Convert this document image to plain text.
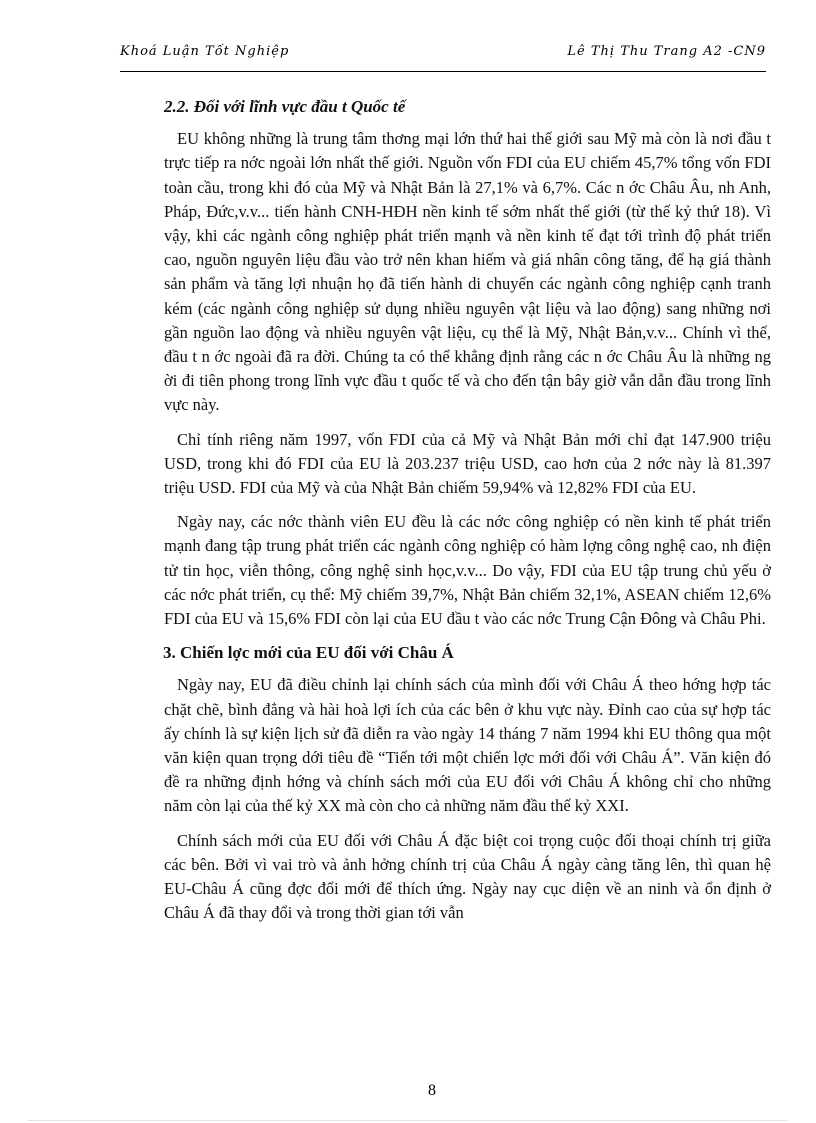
Khoá Luận Tốt Nghiệp	Lê Thị Thu Trang A2 -CN9

2.2. Đối với lĩnh vực đầu t Quốc tế

EU không những là trung tâm thơng mại lớn thứ hai thế giới sau Mỹ mà còn là nơi đầu t trực tiếp ra nớc ngoài lớn nhất thế giới. Nguồn vốn FDI của EU chiếm 45,7% tổng vốn FDI toàn cầu, trong khi đó của Mỹ và Nhật Bản là 27,1% và 6,7%. Các n ớc Châu Âu, nh Anh, Pháp, Đức,v.v... tiến hành CNH-HĐH nền kinh tế sớm nhất thế giới (từ thế kỷ thứ 18). Vì vậy, khi các ngành công nghiệp phát triển mạnh và nền kinh tế đạt tới trình độ phát triển cao, nguồn nguyên liệu đầu vào trở nên khan hiếm và giá nhân công tăng, để hạ giá thành sản phẩm và tăng lợi nhuận họ đã tiến hành di chuyển các ngành công nghiệp cạnh tranh kém (các ngành công nghiệp sử dụng nhiều nguyên vật liệu và lao động) sang những nơi gần nguồn lao động và nhiều nguyên vật liệu, cụ thể là Mỹ, Nhật Bản,v.v... Chính vì thế, đầu t n ớc ngoài đã ra đời. Chúng ta có thể khẳng định rằng các n ớc Châu Âu là những ng ời đi tiên phong trong lĩnh vực đầu t quốc tế và cho đến tận bây giờ vẫn dẫn đầu trong lĩnh vực này.

Chỉ tính riêng năm 1997, vốn FDI của cả Mỹ và Nhật Bản mới chỉ đạt 147.900 triệu USD, trong khi đó FDI của EU là 203.237 triệu USD, cao hơn của 2 nớc này là 81.397 triệu USD. FDI của Mỹ và của Nhật Bản chiếm 59,94% và 12,82% FDI của EU.

Ngày nay, các nớc thành viên EU đều là các nớc công nghiệp có nền kinh tế phát triển mạnh đang tập trung phát triển các ngành công nghiệp có hàm lợng công nghệ cao, nh điện tử tin học, viễn thông, công nghệ sinh học,v.v... Do vậy, FDI của EU tập trung chủ yếu ở các nớc phát triển, cụ thể: Mỹ chiếm 39,7%, Nhật Bản chiếm 32,1%, ASEAN chiếm 12,6% FDI của EU và 15,6% FDI còn lại của EU đầu t vào các nớc Trung Cận Đông và Châu Phi.

3. Chiến lợc mới của EU đối với Châu Á

Ngày nay, EU đã điều chỉnh lại chính sách của mình đối với Châu Á theo hớng hợp tác chặt chẽ, bình đẳng và hài hoà lợi ích của các bên ở khu vực này. Đỉnh cao của sự hợp tác ấy chính là sự kiện lịch sử đã diễn ra vào ngày 14 tháng 7 năm 1994 khi EU thông qua một văn kiện quan trọng dới tiêu đề “Tiến tới một chiến lợc mới đối với Châu Á”. Văn kiện đó đề ra những định hớng và chính sách mới của EU đối với Châu Á không chỉ cho những năm còn lại của thế kỷ XX mà còn cho cả những năm đầu thế kỷ XXI.

Chính sách mới của EU đối với Châu Á đặc biệt coi trọng cuộc đối thoại chính trị giữa các bên. Bởi vì vai trò và ảnh hởng chính trị của Châu Á ngày càng tăng lên, thì quan hệ EU-Châu Á cũng đợc đổi mới để thích ứng. Ngày nay cục diện về an ninh và ổn định ở Châu Á đã thay đổi và trong thời gian tới vẫn

8
